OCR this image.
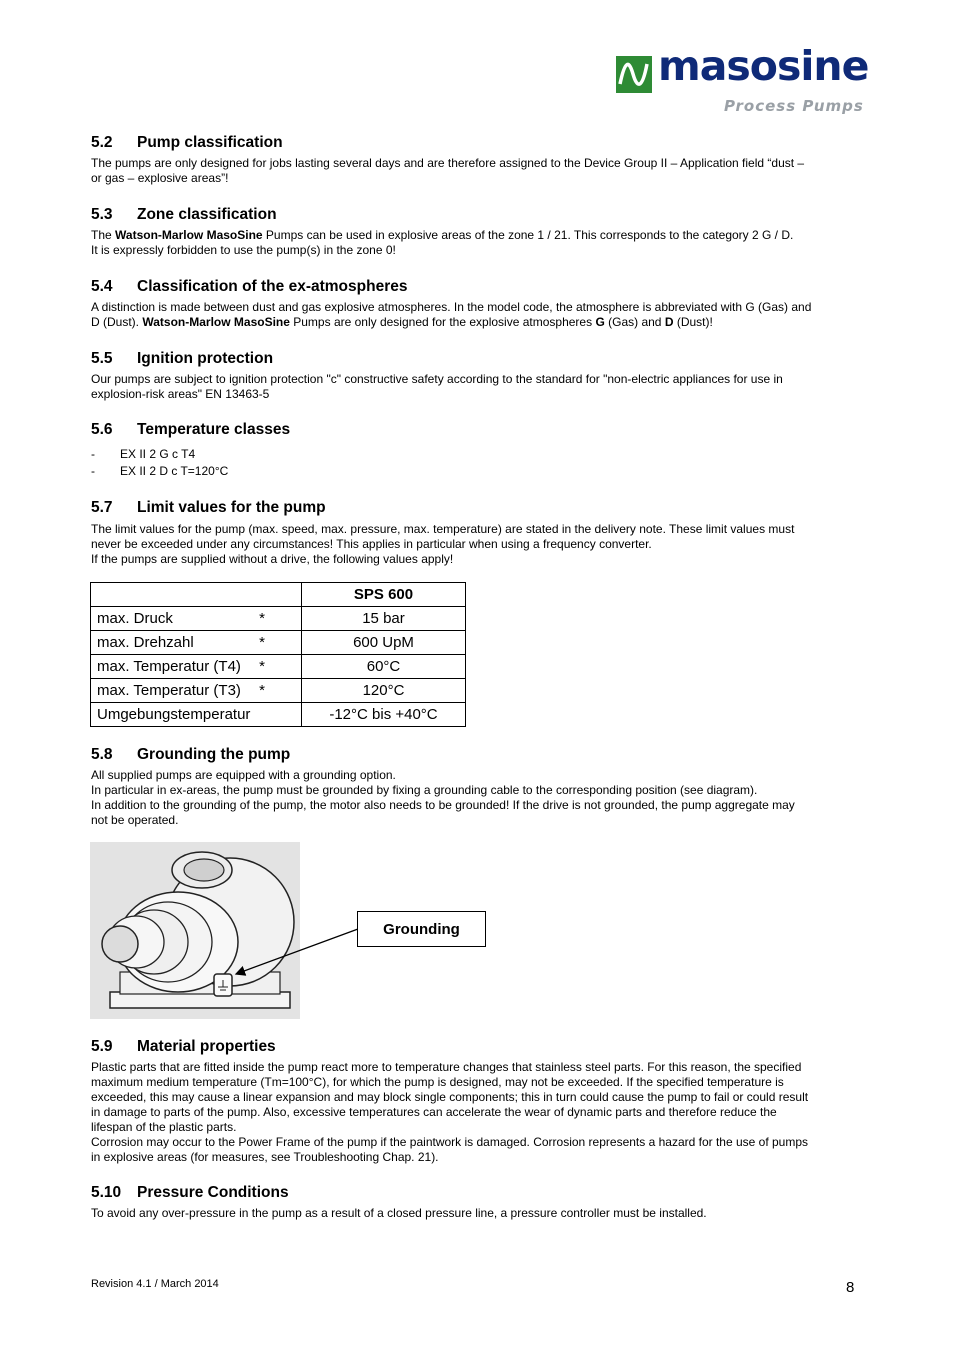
masosine
Process Pumps
5.2 Pump classification
The pumps are only designed for jobs lasting several days and are therefore assigned to the Device Group II – Application field “dust –
or gas – explosive areas”!
5.3 Zone classification
The Watson-Marlow MasoSine Pumps can be used in explosive areas of the zone 1 / 21. This corresponds to the category 2 G / D.
It is expressly forbidden to use the pump(s) in the zone 0!
5.4 Classification of the ex-atmospheres
A distinction is made between dust and gas explosive atmospheres. In the model code, the atmosphere is abbreviated with G (Gas) and
D (Dust). Watson-Marlow MasoSine Pumps are only designed for the explosive atmospheres G (Gas) and D (Dust)!
5.5 Ignition protection
Our pumps are subject to ignition protection "c" constructive safety according to the standard for "non-electric appliances for use in
explosion-risk areas" EN 13463-5
5.6 Temperature classes
- EX II 2 G c T4
- EX II 2 D c T=120°C
5.7 Limit values for the pump
The limit values for the pump (max. speed, max. pressure, max. temperature) are stated in the delivery note. These limit values must
never be exceeded under any circumstances! This applies in particular when using a frequency converter.
If the pumps are supplied without a drive, the following values apply!
	SPS 600

max. Druck *	15 bar

max. Drehzahl *	600 UpM

max. Temperatur (T4) *	60°C

max. Temperatur (T3) *	120°C

Umgebungstemperatur	-12°C bis +40°C
5.8 Grounding the pump
All supplied pumps are equipped with a grounding option.
In particular in ex-areas, the pump must be grounded by fixing a grounding cable to the corresponding position (see diagram).
In addition to the grounding of the pump, the motor also needs to be grounded! If the drive is not grounded, the pump aggregate may
not be operated.
Grounding
5.9 Material properties
Plastic parts that are fitted inside the pump react more to temperature changes that stainless steel parts. For this reason, the specified
maximum medium temperature (Tm=100°C), for which the pump is designed, may not be exceeded. If the specified temperature is
exceeded, this may cause a linear expansion and may block single components; this in turn could cause the pump to fail or could result
in damage to parts of the pump. Also, excessive temperatures can accelerate the wear of dynamic parts and therefore reduce the
lifespan of the plastic parts.
Corrosion may occur to the Power Frame of the pump if the paintwork is damaged. Corrosion represents a hazard for the use of pumps
in explosive areas (for measures, see Troubleshooting Chap. 21).
5.10 Pressure Conditions
To avoid any over-pressure in the pump as a result of a closed pressure line, a pressure controller must be installed.
Revision 4.1 / March 2014	8
